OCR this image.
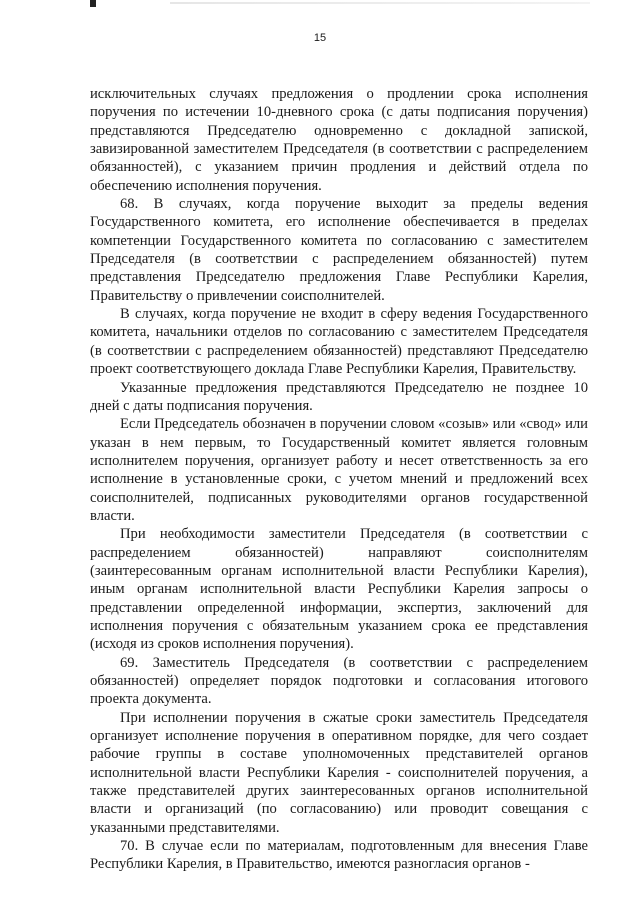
15

исключительных случаях предложения о продлении срока исполнения поручения по истечении 10-дневного срока (с даты подписания поручения) представляются Председателю одновременно с докладной запиской, завизированной заместителем Председателя (в соответствии с распределением обязанностей), с указанием причин продления и действий отдела по обеспечению исполнения поручения.

68. В случаях, когда поручение выходит за пределы ведения Государственного комитета, его исполнение обеспечивается в пределах компетенции Государственного комитета по согласованию с заместителем Председателя (в соответствии с распределением обязанностей) путем представления Председателю предложения Главе Республики Карелия, Правительству о привлечении соисполнителей.

В случаях, когда поручение не входит в сферу ведения Государственного комитета, начальники отделов по согласованию с заместителем Председателя (в соответствии с распределением обязанностей) представляют Председателю проект соответствующего доклада Главе Республики Карелия, Правительству.

Указанные предложения представляются Председателю не позднее 10 дней с даты подписания поручения.

Если Председатель обозначен в поручении словом «созыв» или «свод» или указан в нем первым, то Государственный комитет является головным исполнителем поручения, организует работу и несет ответственность за его исполнение в установленные сроки, с учетом мнений и предложений всех соисполнителей, подписанных руководителями органов государственной власти.

При необходимости заместители Председателя (в соответствии с распределением обязанностей) направляют соисполнителям (заинтересованным органам исполнительной власти Республики Карелия), иным органам исполнительной власти Республики Карелия запросы о представлении определенной информации, экспертиз, заключений для исполнения поручения с обязательным указанием срока ее представления (исходя из сроков исполнения поручения).

69. Заместитель Председателя (в соответствии с распределением обязанностей) определяет порядок подготовки и согласования итогового проекта документа.

При исполнении поручения в сжатые сроки заместитель Председателя организует исполнение поручения в оперативном порядке, для чего создает рабочие группы в составе уполномоченных представителей органов исполнительной власти Республики Карелия - соисполнителей поручения, а также представителей других заинтересованных органов исполнительной власти и организаций (по согласованию) или проводит совещания с указанными представителями.

70. В случае если по материалам, подготовленным для внесения Главе Республики Карелия, в Правительство, имеются разногласия органов -
